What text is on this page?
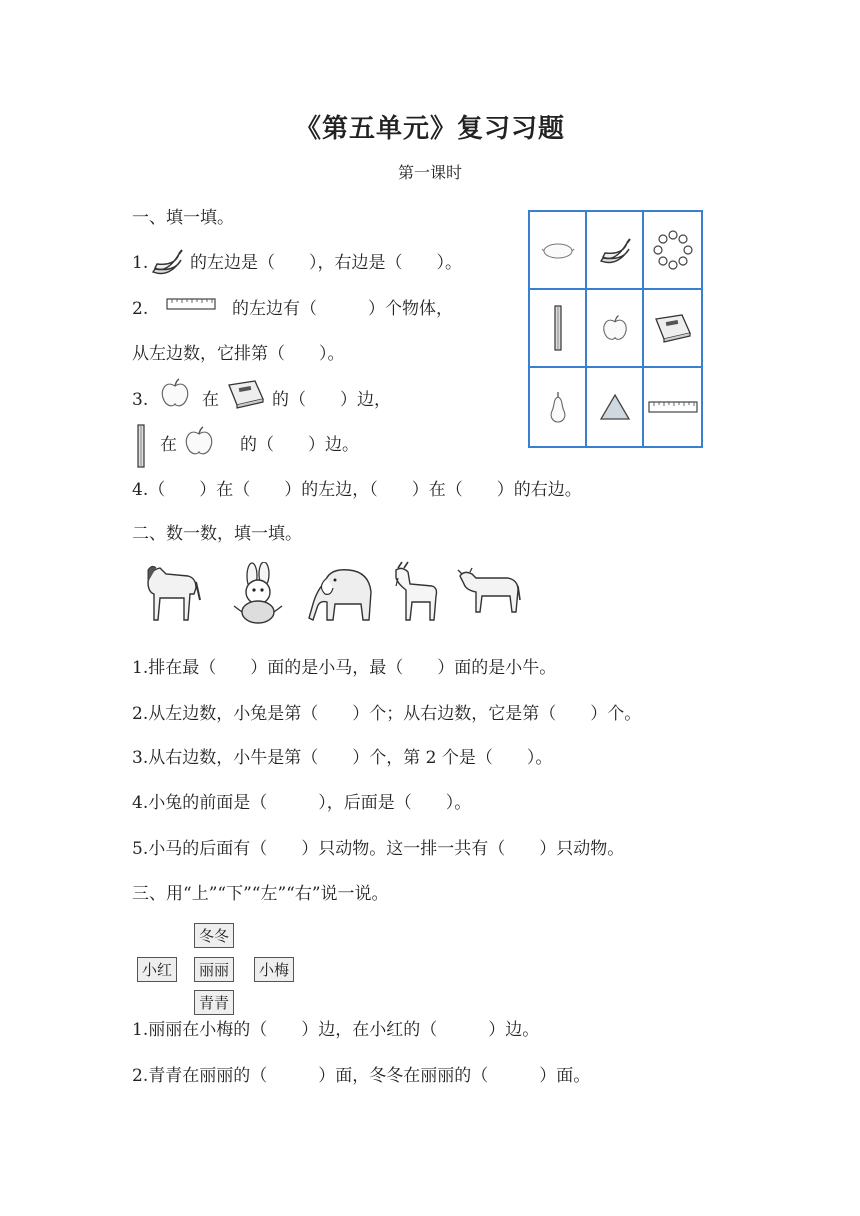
《第五单元》复习习题
第一课时
一、填一填。
1. 的左边是（　　），右边是（　　）。
2.	的左边有（　　　）个物体，
从左边数，它排第（　　）。
3.	在	的（　　）边，
在	的（　　）边。
4.（　　）在（　　）的左边，（　　）在（　　）的右边。
二、数一数，填一填。
1.排在最（　　）面的是小马，最（　　）面的是小牛。
2.从左边数，小兔是第（　　）个；从右边数，它是第（　　）个。
3.从右边数，小牛是第（　　）个，第 2 个是（　　）。
4.小兔的前面是（　　　），后面是（　　）。
5.小马的后面有（　　）只动物。这一排一共有（　　）只动物。
三、用“上”“下”“左”“右”说一说。
冬冬
小红	丽丽	小梅
青青
1.丽丽在小梅的（　　）边，在小红的（　　　）边。
2.青青在丽丽的（　　　）面，冬冬在丽丽的（　　　）面。
